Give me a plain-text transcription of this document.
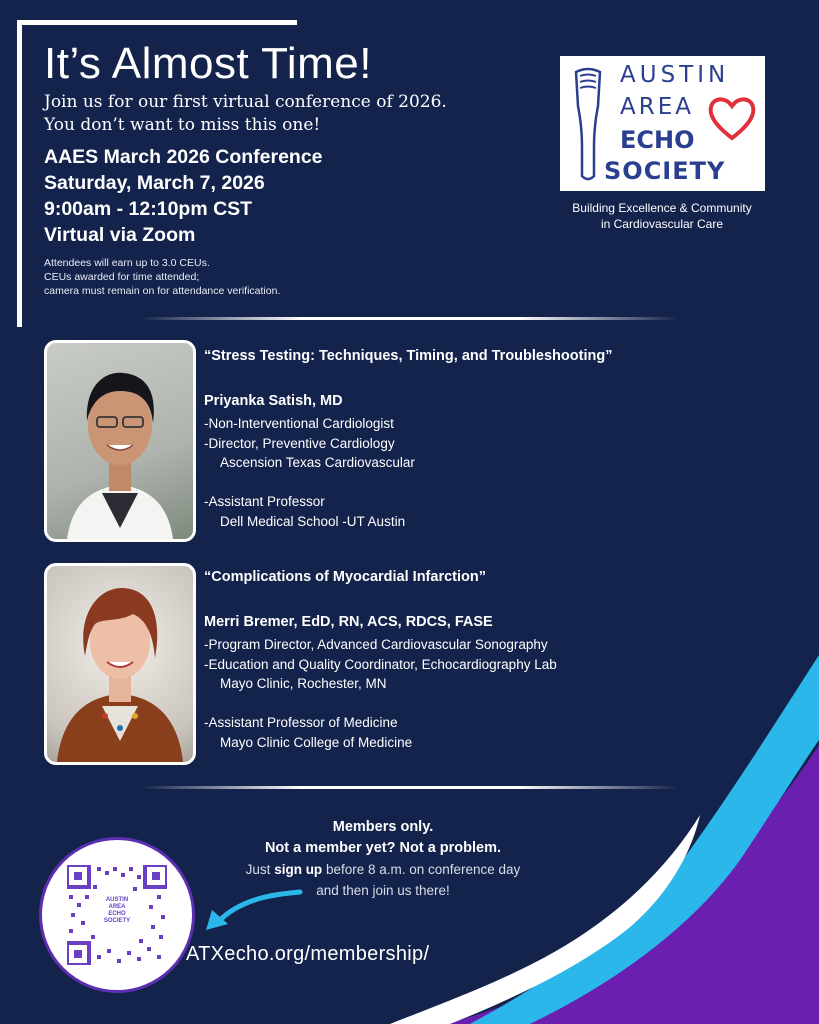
It’s Almost Time!
Join us for our first virtual conference of 2026.
You don’t want to miss this one!
AAES March 2026 Conference
Saturday, March 7, 2026
9:00am - 12:10pm CST
Virtual via Zoom
Attendees will earn up to 3.0 CEUs.
CEUs awarded for time attended;
camera must remain on for attendance verification.
AUSTIN
AREA
ECHO
SOCIETY
Building Excellence & Community
in Cardiovascular Care
“Stress Testing: Techniques, Timing, and Troubleshooting”
Priyanka Satish, MD
-Non-Interventional Cardiologist
-Director, Preventive Cardiology
Ascension Texas Cardiovascular
-Assistant Professor
Dell Medical School -UT Austin
“Complications of Myocardial Infarction”
Merri Bremer, EdD, RN, ACS, RDCS, FASE
-Program Director, Advanced Cardiovascular Sonography
-Education and Quality Coordinator, Echocardiography Lab
Mayo Clinic, Rochester, MN
-Assistant Professor of Medicine
Mayo Clinic College of Medicine
Members only.
Not a member yet? Not a problem.
Just sign up before 8 a.m. on conference day
and then join us there!
ATXecho.org/membership/
AUSTIN
AREA
ECHO
SOCIETY
